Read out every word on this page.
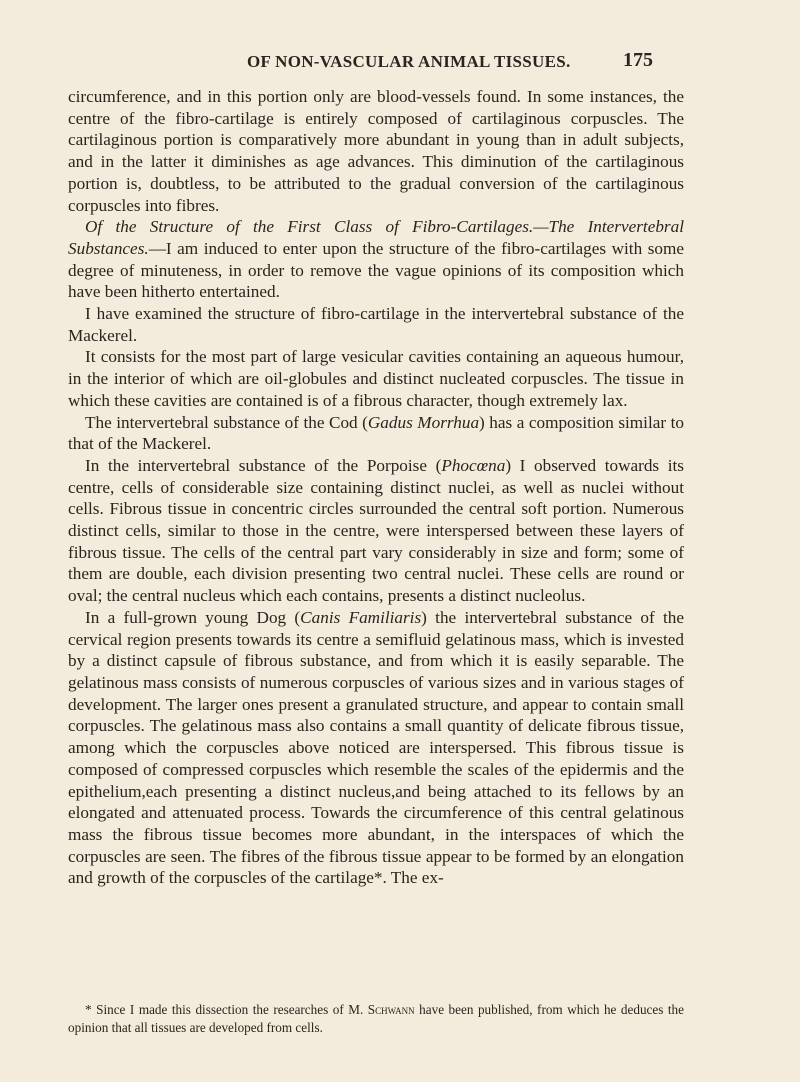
OF NON-VASCULAR ANIMAL TISSUES.	175

circumference, and in this portion only are blood-vessels found. In some instances, the centre of the fibro-cartilage is entirely composed of cartilaginous corpuscles. The cartilaginous portion is comparatively more abundant in young than in adult subjects, and in the latter it diminishes as age advances. This diminution of the cartilaginous portion is, doubtless, to be attributed to the gradual conversion of the cartilaginous corpuscles into fibres.

Of the Structure of the First Class of Fibro-Cartilages.—The Intervertebral Substances.—I am induced to enter upon the structure of the fibro-cartilages with some degree of minuteness, in order to remove the vague opinions of its composition which have been hitherto entertained.

I have examined the structure of fibro-cartilage in the intervertebral substance of the Mackerel.

It consists for the most part of large vesicular cavities containing an aqueous humour, in the interior of which are oil-globules and distinct nucleated corpuscles. The tissue in which these cavities are contained is of a fibrous character, though extremely lax.

The intervertebral substance of the Cod (Gadus Morrhua) has a composition similar to that of the Mackerel.

In the intervertebral substance of the Porpoise (Phocœna) I observed towards its centre, cells of considerable size containing distinct nuclei, as well as nuclei without cells. Fibrous tissue in concentric circles surrounded the central soft portion. Numerous distinct cells, similar to those in the centre, were interspersed between these layers of fibrous tissue. The cells of the central part vary considerably in size and form; some of them are double, each division presenting two central nuclei. These cells are round or oval; the central nucleus which each contains, presents a distinct nucleolus.

In a full-grown young Dog (Canis Familiaris) the intervertebral substance of the cervical region presents towards its centre a semifluid gelatinous mass, which is invested by a distinct capsule of fibrous substance, and from which it is easily separable. The gelatinous mass consists of numerous corpuscles of various sizes and in various stages of development. The larger ones present a granulated structure, and appear to contain small corpuscles. The gelatinous mass also contains a small quantity of delicate fibrous tissue, among which the corpuscles above noticed are interspersed. This fibrous tissue is composed of compressed corpuscles which resemble the scales of the epidermis and the epithelium,each presenting a distinct nucleus,and being attached to its fellows by an elongated and attenuated process. Towards the circumference of this central gelatinous mass the fibrous tissue becomes more abundant, in the interspaces of which the corpuscles are seen. The fibres of the fibrous tissue appear to be formed by an elongation and growth of the corpuscles of the cartilage*. The ex-

* Since I made this dissection the researches of M. Schwann have been published, from which he deduces the opinion that all tissues are developed from cells.
